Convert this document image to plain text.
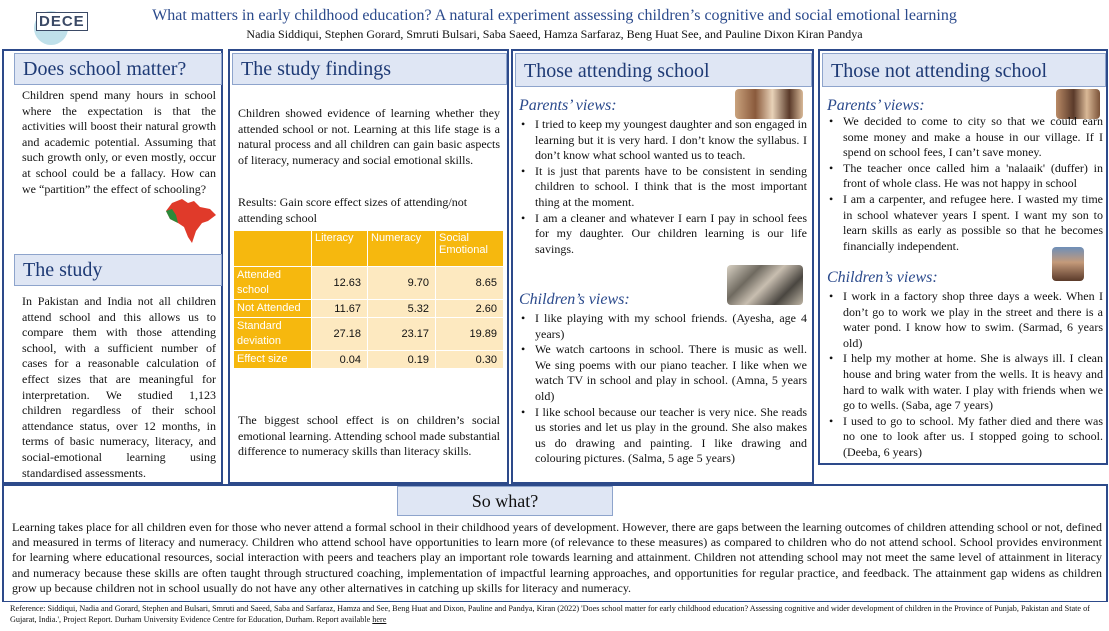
DECE	What matters in early childhood education? A natural experiment assessing children’s cognitive and social emotional learning
Nadia Siddiqui, Stephen Gorard, Smruti Bulsari, Saba Saeed, Hamza Sarfaraz, Beng Huat See, and Pauline Dixon Kiran Pandya
Does school matter?
Children spend many hours in school where the expectation is that the activities will boost their natural growth and academic potential. Assuming that such growth only, or even mostly, occur at school could be a fallacy. How can we “partition” the effect of schooling?
The study
In Pakistan and India not all children attend school and this allows us to compare them with those attending school, with a sufficient number of cases for a reasonable calculation of effect sizes that are meaningful for interpretation. We studied 1,123 children regardless of their school attendance status, over 12 months, in terms of basic numeracy, literacy, and social-emotional learning using standardised assessments.
The study findings
Children showed evidence of learning whether they attended school or not. Learning at this life stage is a natural process and all children can gain basic aspects of literacy, numeracy and social emotional skills.
Results: Gain score effect sizes of attending/not attending school
	Literacy	Numeracy	Social Emotional
Attended school	12.63	9.70	8.65
Not Attended	11.67	5.32	2.60
Standard deviation	27.18	23.17	19.89
Effect size	0.04	0.19	0.30
The biggest school effect is on children’s social emotional learning. Attending school made substantial difference to numeracy skills than literacy skills.
Those attending school
Parents’ views:
• I tried to keep my youngest daughter and son engaged in learning but it is very hard. I don’t know the syllabus. I don’t know what school wanted us to teach.
• It is just that parents have to be consistent in sending children to school. I think that is the most important thing at the moment.
• I am a cleaner and whatever I earn I pay in school fees for my daughter. Our children learning is our life savings.
Children’s views:
• I like playing with my school friends. (Ayesha, age 4 years)
• We watch cartoons in school. There is music as well. We sing poems with our piano teacher. I like when we watch TV in school and play in school. (Amna, 5 years old)
• I like school because our teacher is very nice. She reads us stories and let us play in the ground. She also makes us do drawing and painting. I like drawing and colouring pictures. (Salma, 5 age 5 years)
Those not attending school
Parents’ views:
• We decided to come to city so that we could earn some money and make a house in our village. If I spend on school fees, I can’t save money.
• The teacher once called him a 'nalaaik' (duffer) in front of whole class. He was not happy in school
• I am a carpenter, and refugee here. I wasted my time in school whatever years I spent. I want my son to learn skills as early as possible so that he becomes financially independent.
Children’s views:
• I work in a factory shop three days a week. When I don’t go to work we play in the street and there is a water pond. I know how to swim. (Sarmad, 6 years old)
• I help my mother at home. She is always ill. I clean house and bring water from the wells. It is heavy and hard to walk with water. I play with friends when we go to wells. (Saba, age 7 years)
• I used to go to school. My father died and there was no one to look after us. I stopped going to school. (Deeba, 6 years)
So what?
Learning takes place for all children even for those who never attend a formal school in their childhood years of development. However, there are gaps between the learning outcomes of children attending school or not, defined and measured in terms of literacy and numeracy. Children who attend school have opportunities to learn more (of relevance to these measures) as compared to children who do not attend school. School provides environment for learning where educational resources, social interaction with peers and teachers play an important role towards learning and attainment. Children not attending school may not meet the same level of attainment in literacy and numeracy because these skills are often taught through structured coaching, implementation of impactful learning approaches, and opportunities for regular practice, and feedback. The attainment gap widens as children grow up because children not in school usually do not have any other alternatives in catching up skills for literacy and numeracy.
Reference: Siddiqui, Nadia and Gorard, Stephen and Bulsari, Smruti and Saeed, Saba and Sarfaraz, Hamza and See, Beng Huat and Dixon, Pauline and Pandya, Kiran (2022) 'Does school matter for early childhood education? Assessing cognitive and wider development of children in the Province of Punjab, Pakistan and State of Gujarat, India.', Project Report. Durham University Evidence Centre for Education, Durham. Report available here
